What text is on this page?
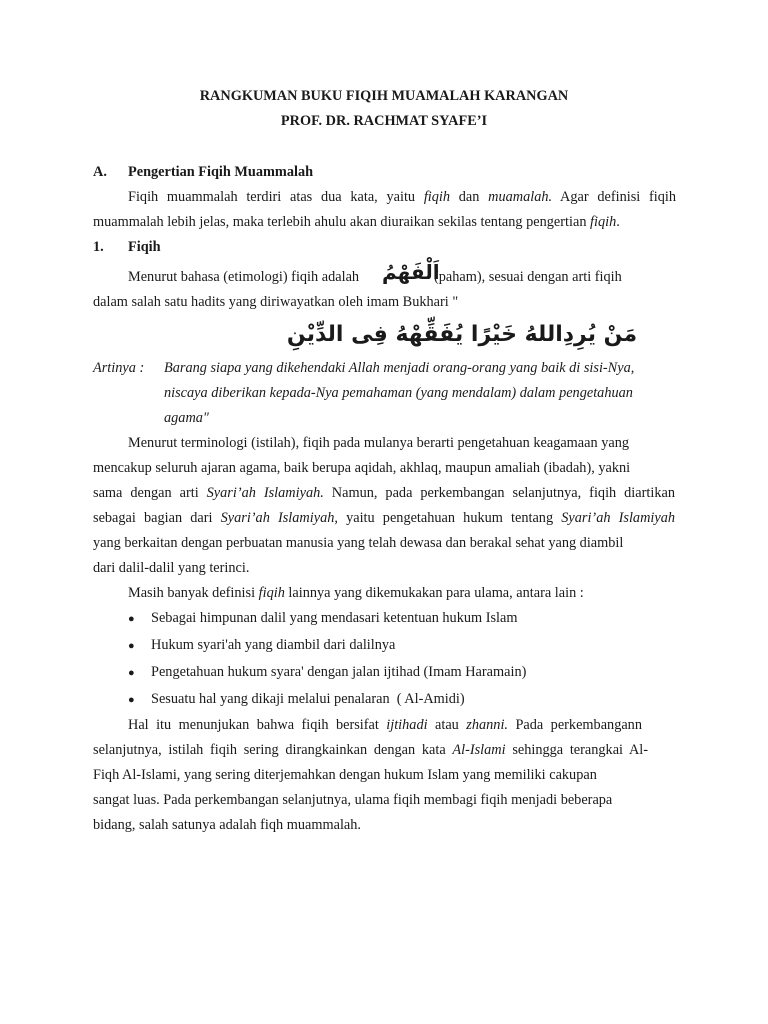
RANGKUMAN BUKU FIQIH MUAMALAH KARANGAN
PROF. DR. RACHMAT SYAFE’I
A. Pengertian Fiqih Muammalah
Fiqih muammalah terdiri atas dua kata, yaitu fiqih dan muamalah. Agar definisi fiqih
muammalah lebih jelas, maka terlebih ahulu akan diuraikan sekilas tentang pengertian fiqih.
1. Fiqih
Menurut bahasa (etimologi) fiqih adalah اَلْفَهْمُ
(paham), sesuai dengan arti fiqih
dalam salah satu hadits yang diriwayatkan oleh imam Bukhari "
مَنْ يُرِدِاللهُ خَيْرًا يُفَقِّهْهُ فِى الدِّيْنِ
Artinya : Barang siapa yang dikehendaki Allah menjadi orang-orang yang baik di sisi-Nya,
niscaya diberikan kepada-Nya pemahaman (yang mendalam) dalam pengetahuan
agama"
Menurut terminologi (istilah), fiqih pada mulanya berarti pengetahuan keagamaan yang
mencakup seluruh ajaran agama, baik berupa aqidah, akhlaq, maupun amaliah (ibadah), yakni
sama dengan arti Syari’ah Islamiyah. Namun, pada perkembangan selanjutnya, fiqih diartikan
sebagai bagian dari Syari’ah Islamiyah, yaitu pengetahuan hukum tentang Syari’ah Islamiyah
yang berkaitan dengan perbuatan manusia yang telah dewasa dan berakal sehat yang diambil
dari dalil-dalil yang terinci.
Masih banyak definisi fiqih lainnya yang dikemukakan para ulama, antara lain :
● Sebagai himpunan dalil yang mendasari ketentuan hukum Islam
● Hukum syari'ah yang diambil dari dalilnya
● Pengetahuan hukum syara' dengan jalan ijtihad (Imam Haramain)
● Sesuatu hal yang dikaji melalui penalaran  ( Al-Amidi)
Hal itu menunjukan bahwa fiqih bersifat ijtihadi atau zhanni. Pada perkembangann
selanjutnya, istilah fiqih sering dirangkainkan dengan kata Al-Islami sehingga terangkai Al-
Fiqh Al-Islami, yang sering diterjemahkan dengan hukum Islam yang memiliki cakupan
sangat luas. Pada perkembangan selanjutnya, ulama fiqih membagi fiqih menjadi beberapa
bidang, salah satunya adalah fiqh muammalah.
